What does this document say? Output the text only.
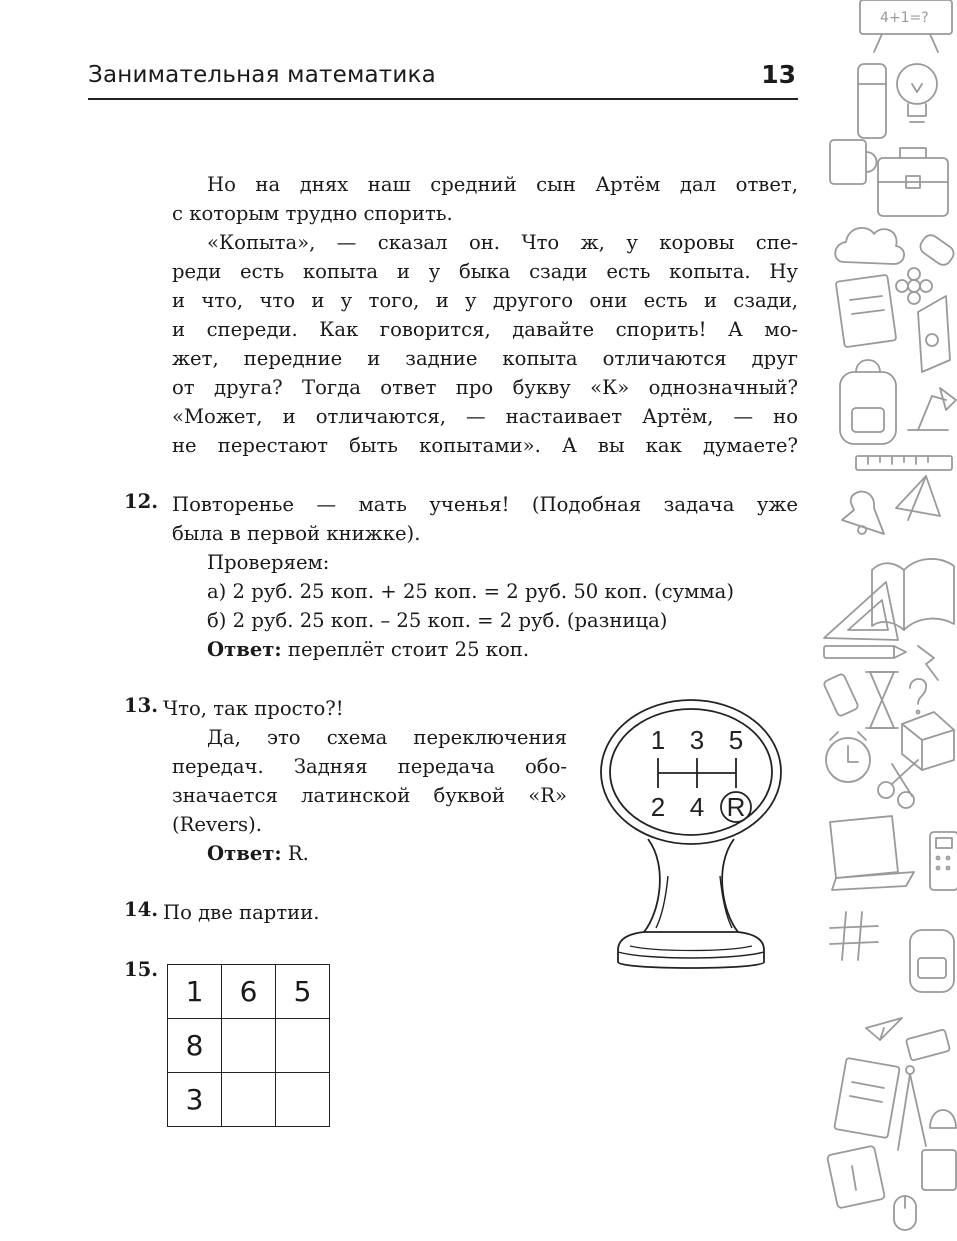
Занимательная математика	13
Но на днях наш средний сын Артём дал ответ,
с которым трудно спорить.
«Копыта», — сказал он. Что ж, у коровы спе-
реди есть копыта и у быка сзади есть копыта. Ну
и что, что и у того, и у другого они есть и сзади,
и спереди. Как говорится, давайте спорить! А мо-
жет, передние и задние копыта отличаются друг
от друга? Тогда ответ про букву «К» однозначный?
«Может, и отличаются, — настаивает Артём, — но
не перестают быть копытами». А вы как думаете?
12. Повторенье — мать ученья! (Подобная задача уже
была в первой книжке).
Проверяем:
а) 2 руб. 25 коп. + 25 коп. = 2 руб. 50 коп. (сумма)
б) 2 руб. 25 коп. – 25 коп. = 2 руб. (разница)
Ответ: переплёт стоит 25 коп.
13. Что, так просто?!
Да, это схема переключения
передач. Задняя передача обо-
значается латинской буквой «R»
(Revers).
Ответ: R.
1 3 5
2 4 R
14. По две партии.
15.
1	6	5
8		
3		
4+1=?
